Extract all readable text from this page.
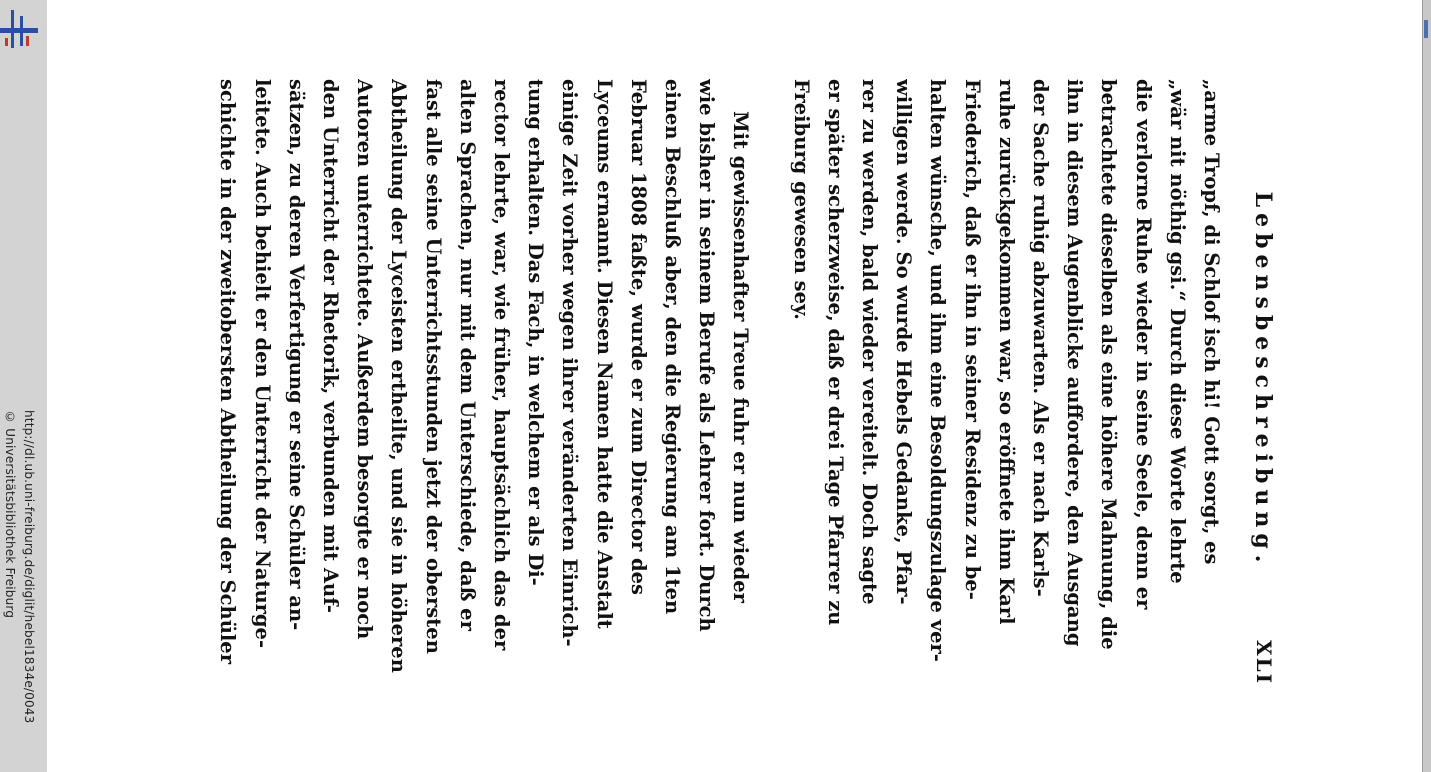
http://dl.ub.uni-freiburg.de/diglit/hebel1834e/0043
© Universitätsbibliothek Freiburg	Lebensbeschreibung.
XLI
„arme Tropf, di Schlof isch hi! Gott sorgt, es
„wär nit nöthig gsi.“ Durch diese Worte lehrte
die verlorne Ruhe wieder in seine Seele, denn er
betrachtete dieselben als eine höhere Mahnung, die
ihn in diesem Augenblicke auffordere, den Ausgang
der Sache ruhig abzuwarten. Als er nach Karls-
ruhe zurückgekommen war, so eröffnete ihm Karl
Friederich, daß er ihn in seiner Residenz zu be-
halten wünsche, und ihm eine Besoldungszulage ver-
willigen werde. So wurde Hebels Gedanke, Pfar-
rer zu werden, bald wieder vereitelt. Doch sagte
er später scherzweise, daß er drei Tage Pfarrer zu
Freiburg gewesen sey.
Mit gewissenhafter Treue fuhr er nun wieder
wie bisher in seinem Berufe als Lehrer fort. Durch
einen Beschluß aber, den die Regierung am 1ten
Februar 1808 faßte, wurde er zum Director des
Lyceums ernannt. Diesen Namen hatte die Anstalt
einige Zeit vorher wegen ihrer veränderten Einrich-
tung erhalten. Das Fach, in welchem er als Di-
rector lehrte, war, wie früher, hauptsächlich das der
alten Sprachen, nur mit dem Unterschiede, daß er
fast alle seine Unterrichtsstunden jetzt der obersten
Abtheilung der Lyceisten ertheilte, und sie in höheren
Autoren unterrichtete. Außerdem besorgte er noch
den Unterricht der Rhetorik, verbunden mit Auf-
sätzen, zu deren Verfertigung er seine Schüler an-
leitete. Auch behielt er den Unterricht der Naturge-
schichte in der zweitobersten Abtheilung der Schüler
